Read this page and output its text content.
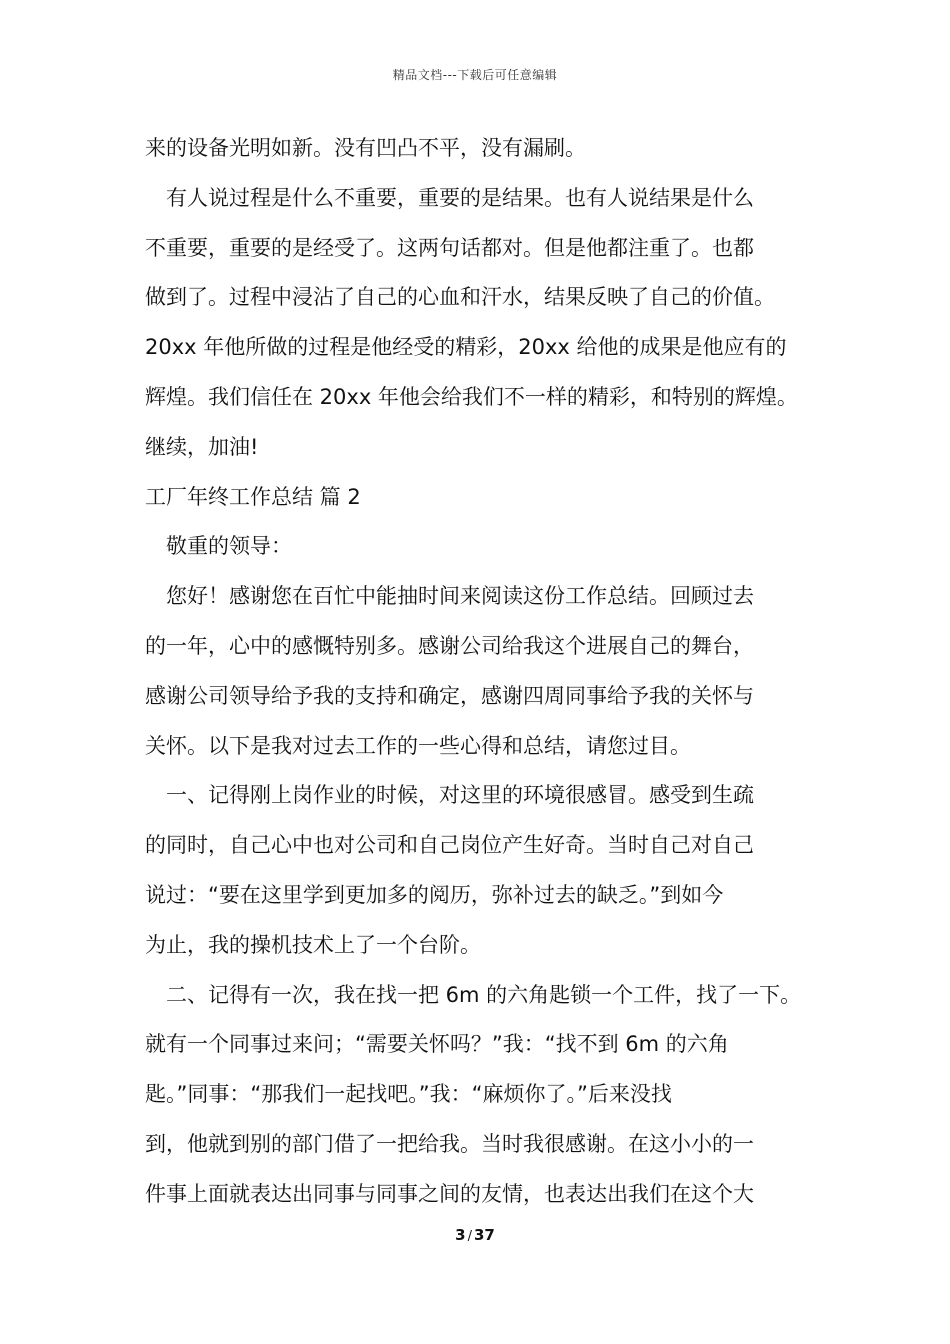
精品文档---下载后可任意编辑
来的设备光明如新。没有凹凸不平，没有漏刷。
有人说过程是什么不重要，重要的是结果。也有人说结果是什么
不重要，重要的是经受了。这两句话都对。但是他都注重了。也都
做到了。过程中浸沾了自己的心血和汗水，结果反映了自己的价值。
20xx 年他所做的过程是他经受的精彩，20xx 给他的成果是他应有的
辉煌。我们信任在 20xx 年他会给我们不一样的精彩，和特别的辉煌。
继续，加油!
工厂年终工作总结 篇 2
敬重的领导：
您好！感谢您在百忙中能抽时间来阅读这份工作总结。回顾过去
的一年，心中的感慨特别多。感谢公司给我这个进展自己的舞台，
感谢公司领导给予我的支持和确定，感谢四周同事给予我的关怀与
关怀。以下是我对过去工作的一些心得和总结，请您过目。
一、记得刚上岗作业的时候，对这里的环境很感冒。感受到生疏
的同时，自己心中也对公司和自己岗位产生好奇。当时自己对自己
说过：“要在这里学到更加多的阅历，弥补过去的缺乏。”到如今
为止，我的操机技术上了一个台阶。
二、记得有一次，我在找一把 6m 的六角匙锁一个工件，找了一下。
就有一个同事过来问；“需要关怀吗？”我：“找不到 6m 的六角
匙。”同事：“那我们一起找吧。”我：“麻烦你了。”后来没找
到，他就到别的部门借了一把给我。当时我很感谢。在这小小的一
件事上面就表达出同事与同事之间的友情，也表达出我们在这个大
3 / 37
